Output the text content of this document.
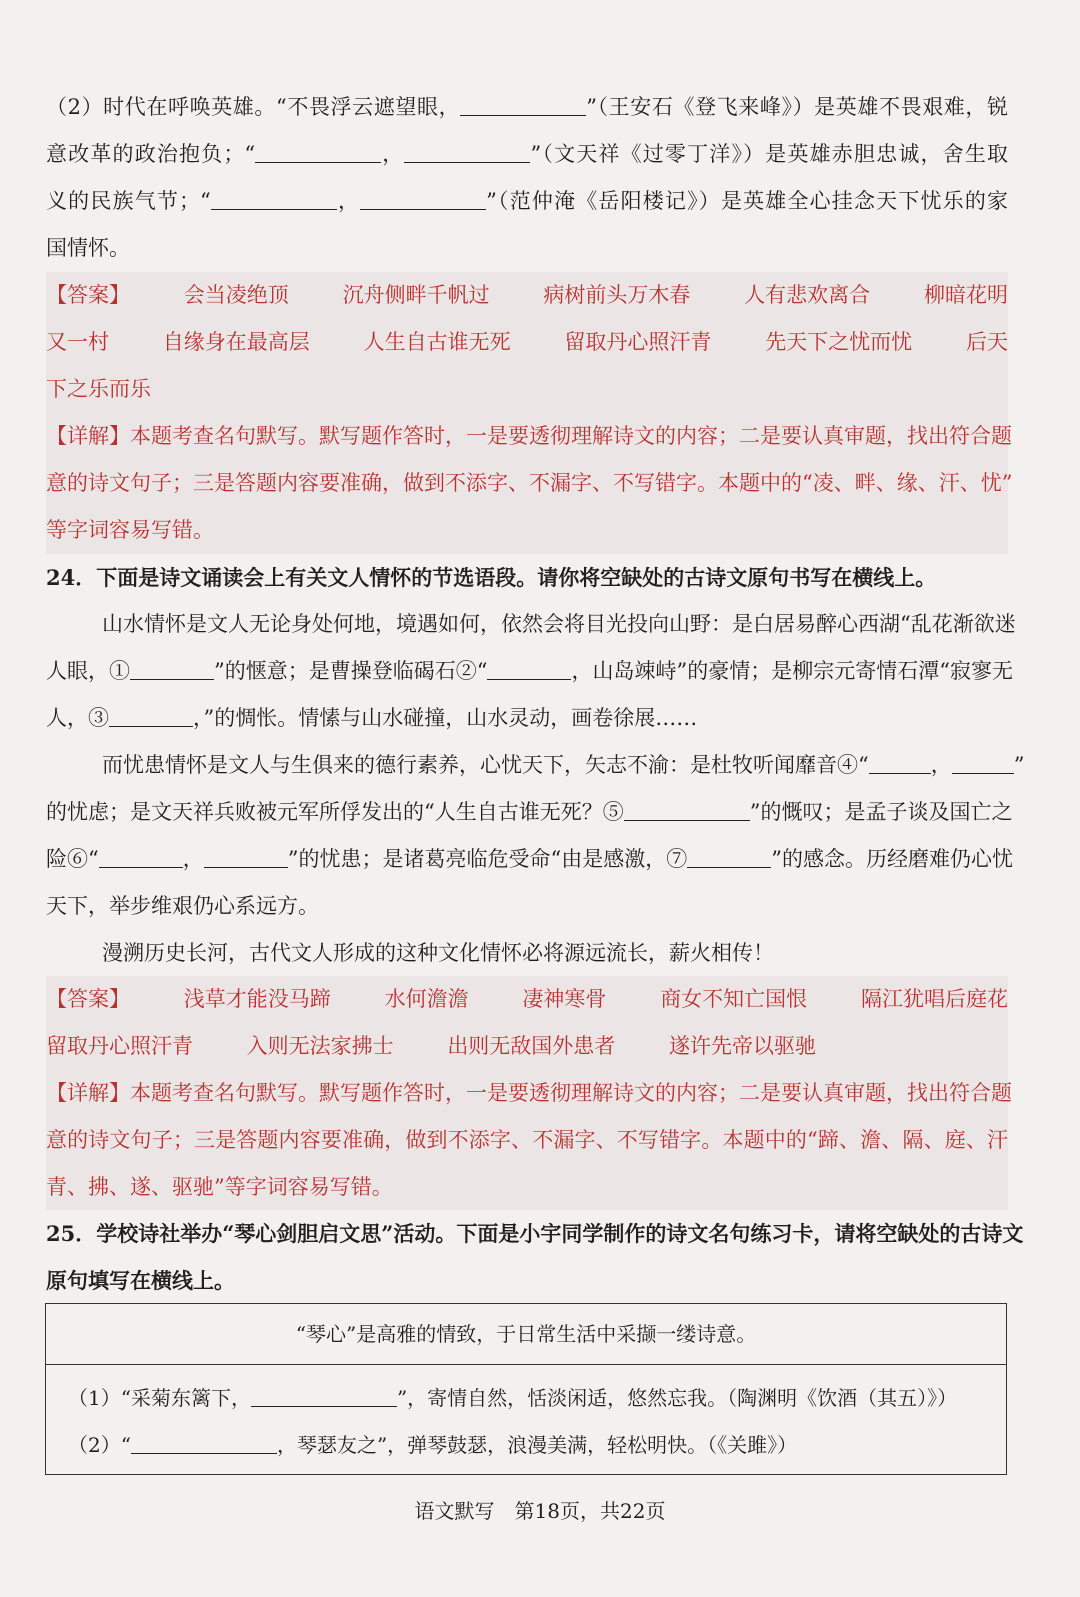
（2）时代在呼唤英雄。“不畏浮云遮望眼，	”（王安石《登飞来峰》）是英雄不畏艰难，锐
意改革的政治抱负；“	，	”（文天祥《过零丁洋》）是英雄赤胆忠诚，舍生取
义的民族气节；“	，	”（范仲淹《岳阳楼记》）是英雄全心挂念天下忧乐的家
国情怀。
【答案】	会当凌绝顶	沉舟侧畔千帆过	病树前头万木春	人有悲欢离合	柳暗花明
又一村	自缘身在最高层	人生自古谁无死	留取丹心照汗青	先天下之忧而忧	后天
下之乐而乐
【详解】本题考查名句默写。默写题作答时，一是要透彻理解诗文的内容；二是要认真审题，找出符合题
意的诗文句子；三是答题内容要准确，做到不添字、不漏字、不写错字。本题中的“凌、畔、缘、汗、忧”
等字词容易写错。
24．下面是诗文诵读会上有关文人情怀的节选语段。请你将空缺处的古诗文原句书写在横线上。
山水情怀是文人无论身处何地，境遇如何，依然会将目光投向山野：是白居易醉心西湖“乱花渐欲迷
人眼，①	”的惬意；是曹操登临碣石②“	，山岛竦峙”的豪情；是柳宗元寄情石潭“寂寥无
人，③	，”的惆怅。情愫与山水碰撞，山水灵动，画卷徐展……
而忧患情怀是文人与生俱来的德行素养，心忧天下，矢志不渝：是杜牧听闻靡音④“	，	”
的忧虑；是文天祥兵败被元军所俘发出的“人生自古谁无死？⑤	”的慨叹；是孟子谈及国亡之
险⑥“	，	”的忧患；是诸葛亮临危受命“由是感激，⑦	”的感念。历经磨难仍心忧
天下，举步维艰仍心系远方。
漫溯历史长河，古代文人形成的这种文化情怀必将源远流长，薪火相传！
【答案】	浅草才能没马蹄	水何澹澹	凄神寒骨	商女不知亡国恨	隔江犹唱后庭花
留取丹心照汗青	入则无法家拂士	出则无敌国外患者	遂许先帝以驱驰
【详解】本题考查名句默写。默写题作答时，一是要透彻理解诗文的内容；二是要认真审题，找出符合题
意的诗文句子；三是答题内容要准确，做到不添字、不漏字、不写错字。本题中的“蹄、澹、隔、庭、汗
青、拂、遂、驱驰”等字词容易写错。
25．学校诗社举办“琴心剑胆启文思”活动。下面是小宇同学制作的诗文名句练习卡，请将空缺处的古诗文
原句填写在横线上。
“琴心”是高雅的情致，于日常生活中采撷一缕诗意。
（1）“采菊东篱下，	”，寄情自然，恬淡闲适，悠然忘我。（陶渊明《饮酒（其五）》）
（2）“	，琴瑟友之”，弹琴鼓瑟，浪漫美满，轻松明快。（《关雎》）
语文默写　第18页，共22页
